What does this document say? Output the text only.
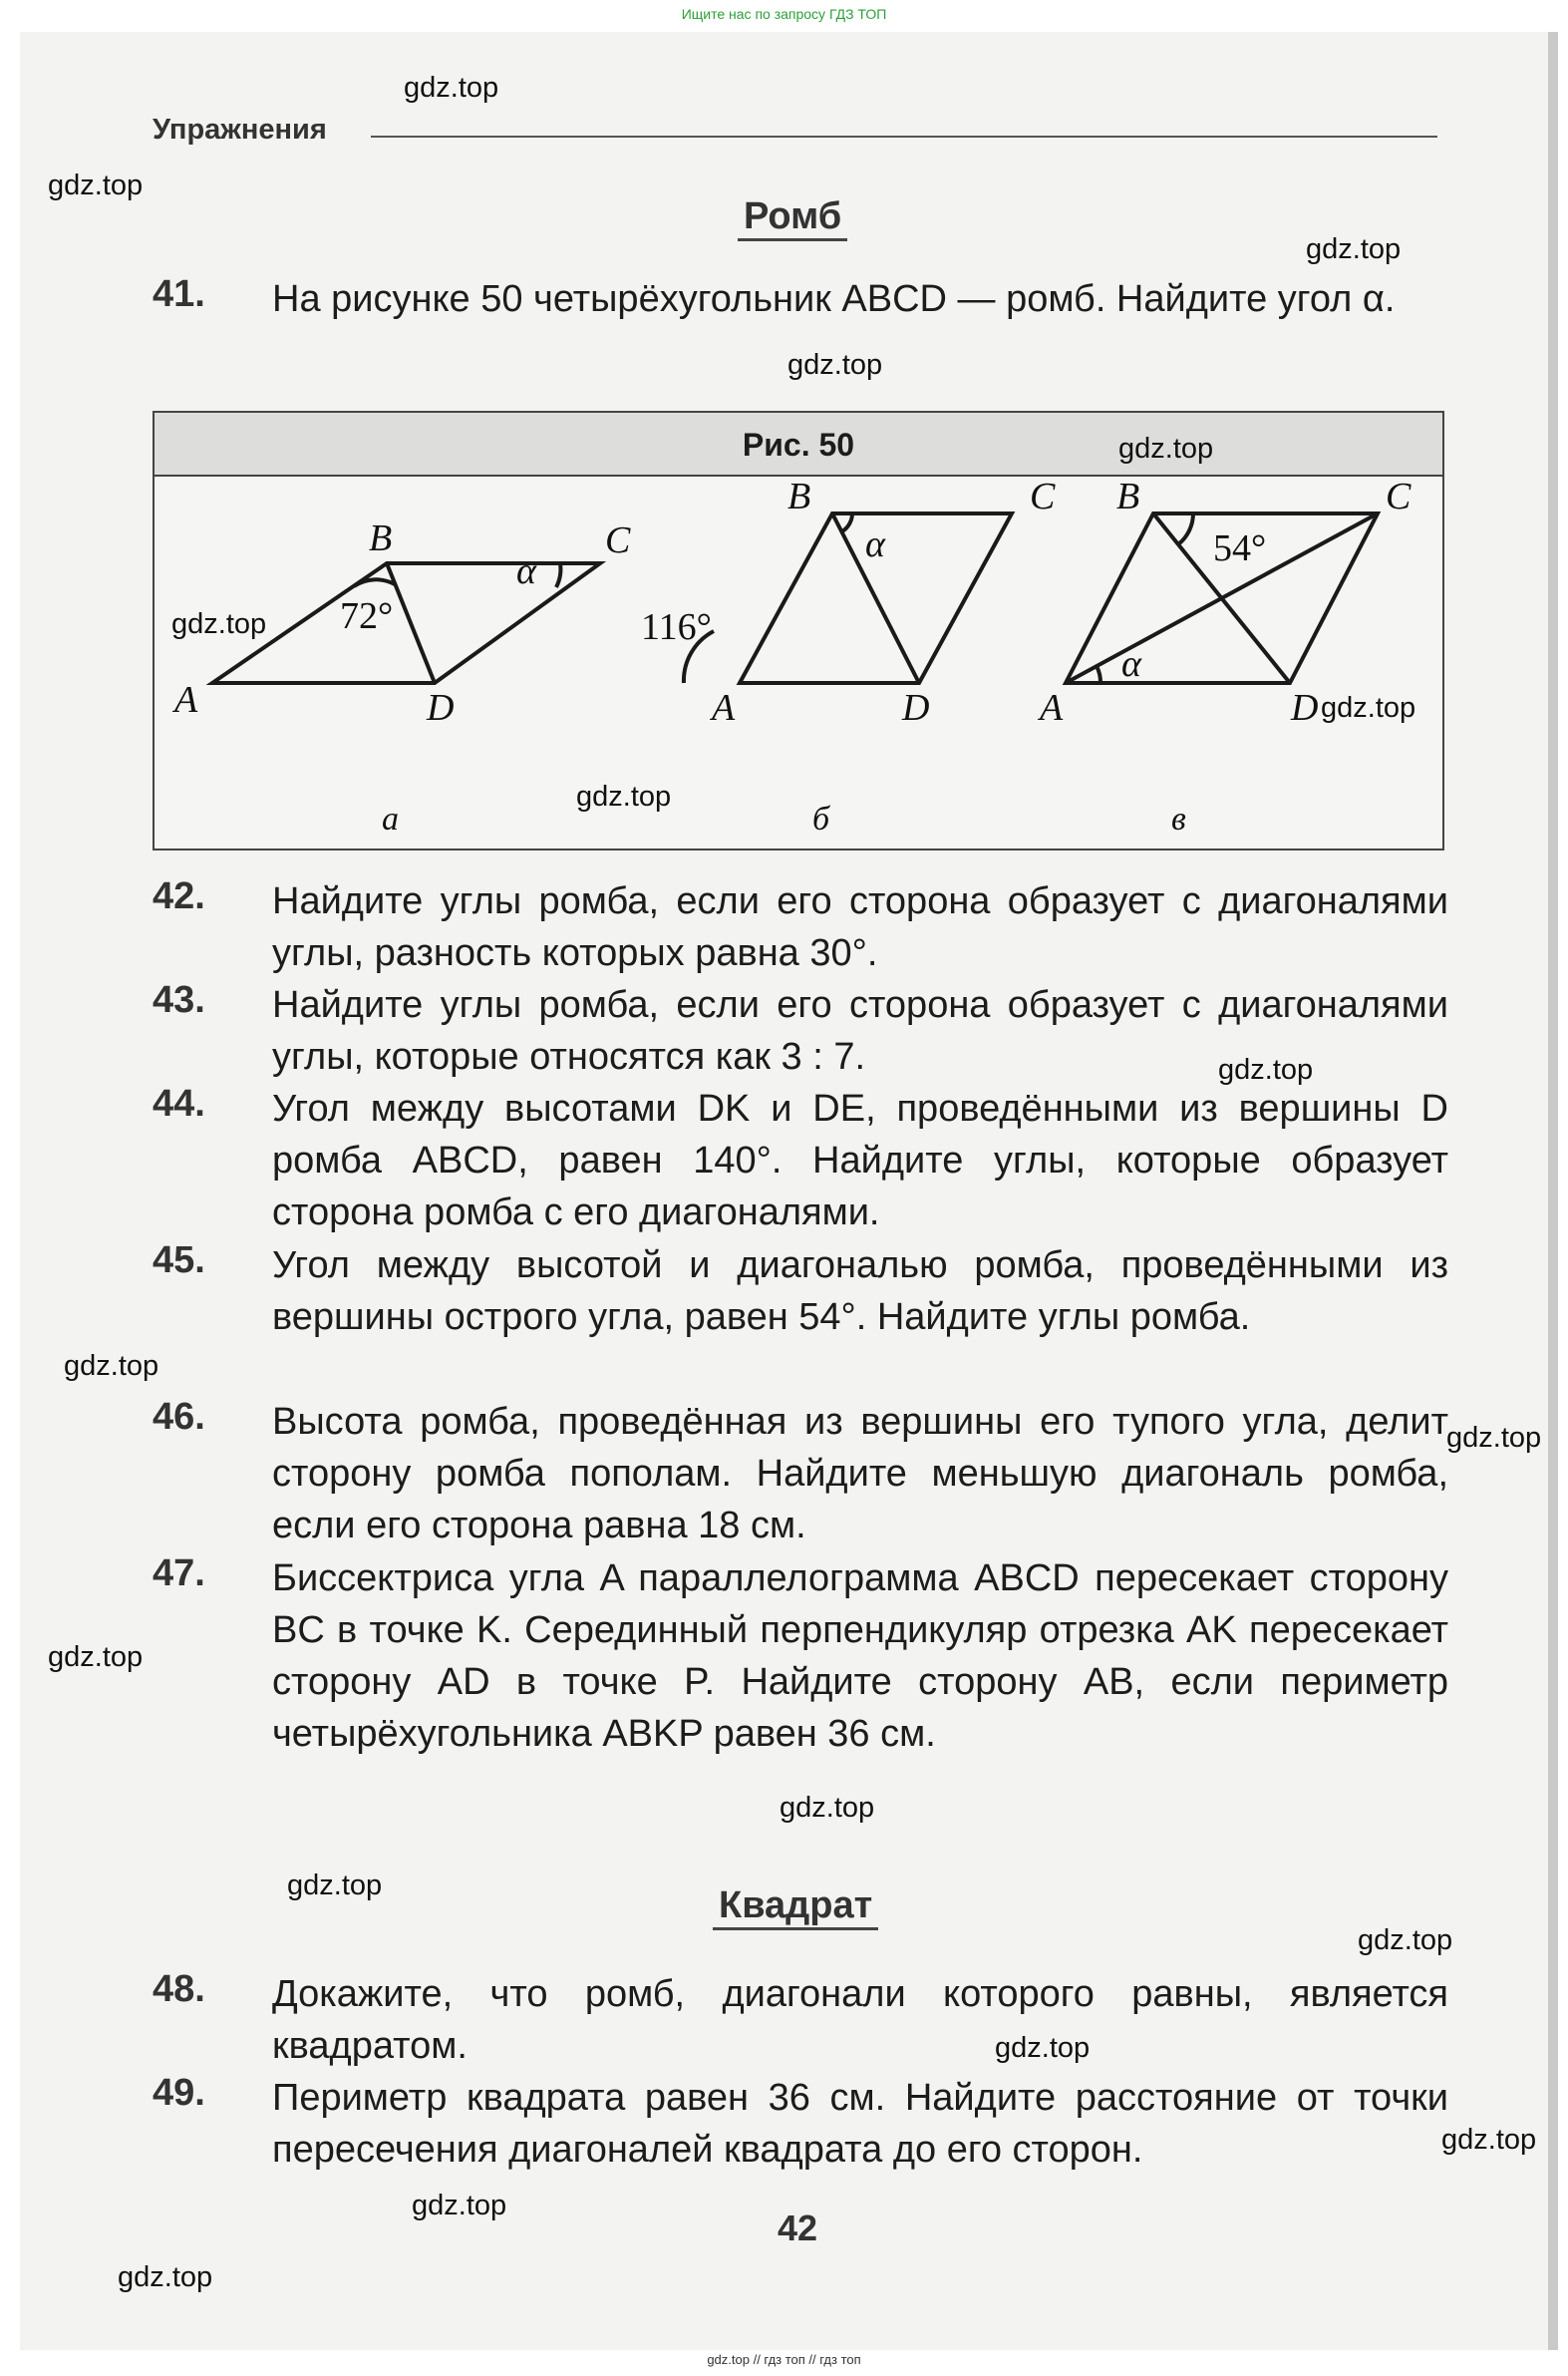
Ищите нас по запросу ГДЗ ТОП
Упражнения
Ромб
41. На рисунке 50 четырёхугольник ABCD — ромб. Найдите угол α.
Рис. 50
A
B	C
D
72°
α
а
A
B	C
D
116°
α
б
A
B	C
D
54°
α
в
42. Найдите углы ромба, если его сторона образует с диагоналями углы, разность которых равна 30°.
43. Найдите углы ромба, если его сторона образует с диагоналями углы, которые относятся как 3 : 7.
44. Угол между высотами DK и DE, проведёнными из вершины D ромба ABCD, равен 140°. Найдите углы, которые образует сторона ромба с его диагоналями.
45. Угол между высотой и диагональю ромба, проведёнными из вершины острого угла, равен 54°. Найдите углы ромба.
46. Высота ромба, проведённая из вершины его тупого угла, делит сторону ромба пополам. Найдите меньшую диагональ ромба, если его сторона равна 18 см.
47. Биссектриса угла A параллелограмма ABCD пересекает сторону BC в точке K. Серединный перпендикуляр отрезка AK пересекает сторону AD в точке P. Найдите сторону AB, если периметр четырёхугольника ABKP равен 36 см.
Квадрат
48. Докажите, что ромб, диагонали которого равны, является квадратом.
49. Периметр квадрата равен 36 см. Найдите расстояние от точки пересечения диагоналей квадрата до его сторон.
42
gdz.top
gdz.top
gdz.top
gdz.top
gdz.top
gdz.top
gdz.top
gdz.top
gdz.top
gdz.top
gdz.top
gdz.top
gdz.top
gdz.top
gdz.top
gdz.top
gdz.top
gdz.top
gdz.top
gdz.top // гдз топ // гдз топ
